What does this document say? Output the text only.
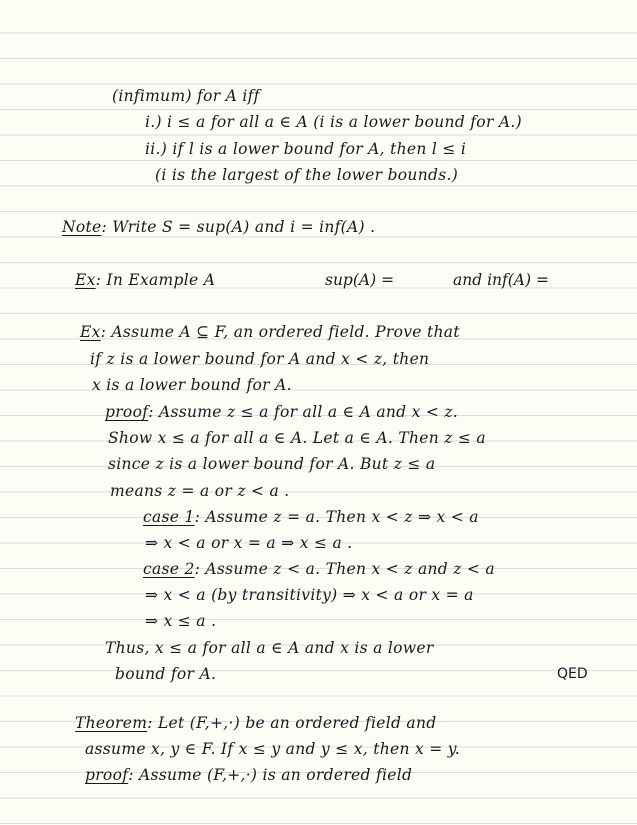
(infimum) for A iff
i.) i ≤ a for all a ∈ A (i is a lower bound for A.)
ii.) if l is a lower bound for A, then l ≤ i
(i is the largest of the lower bounds.)
Note: Write S = sup(A) and i = inf(A) .
Ex: In Example A	sup(A) =	and inf(A) =
Ex: Assume A ⊆ F, an ordered field. Prove that
if z is a lower bound for A and x < z, then
x is a lower bound for A.
proof: Assume z ≤ a for all a ∈ A and x < z.
Show x ≤ a for all a ∈ A. Let a ∈ A. Then z ≤ a
since z is a lower bound for A. But z ≤ a
means z = a or z < a .
case 1: Assume z = a. Then x < z ⇒ x < a
⇒ x < a or x = a ⇒ x ≤ a .
case 2: Assume z < a. Then x < z and z < a
⇒ x < a (by transitivity) ⇒ x < a or x = a
⇒ x ≤ a .
Thus, x ≤ a for all a ∈ A and x is a lower
bound for A.	QED
Theorem: Let (F,+,·) be an ordered field and
assume x, y ∈ F. If x ≤ y and y ≤ x, then x = y.
proof: Assume (F,+,·) is an ordered field
